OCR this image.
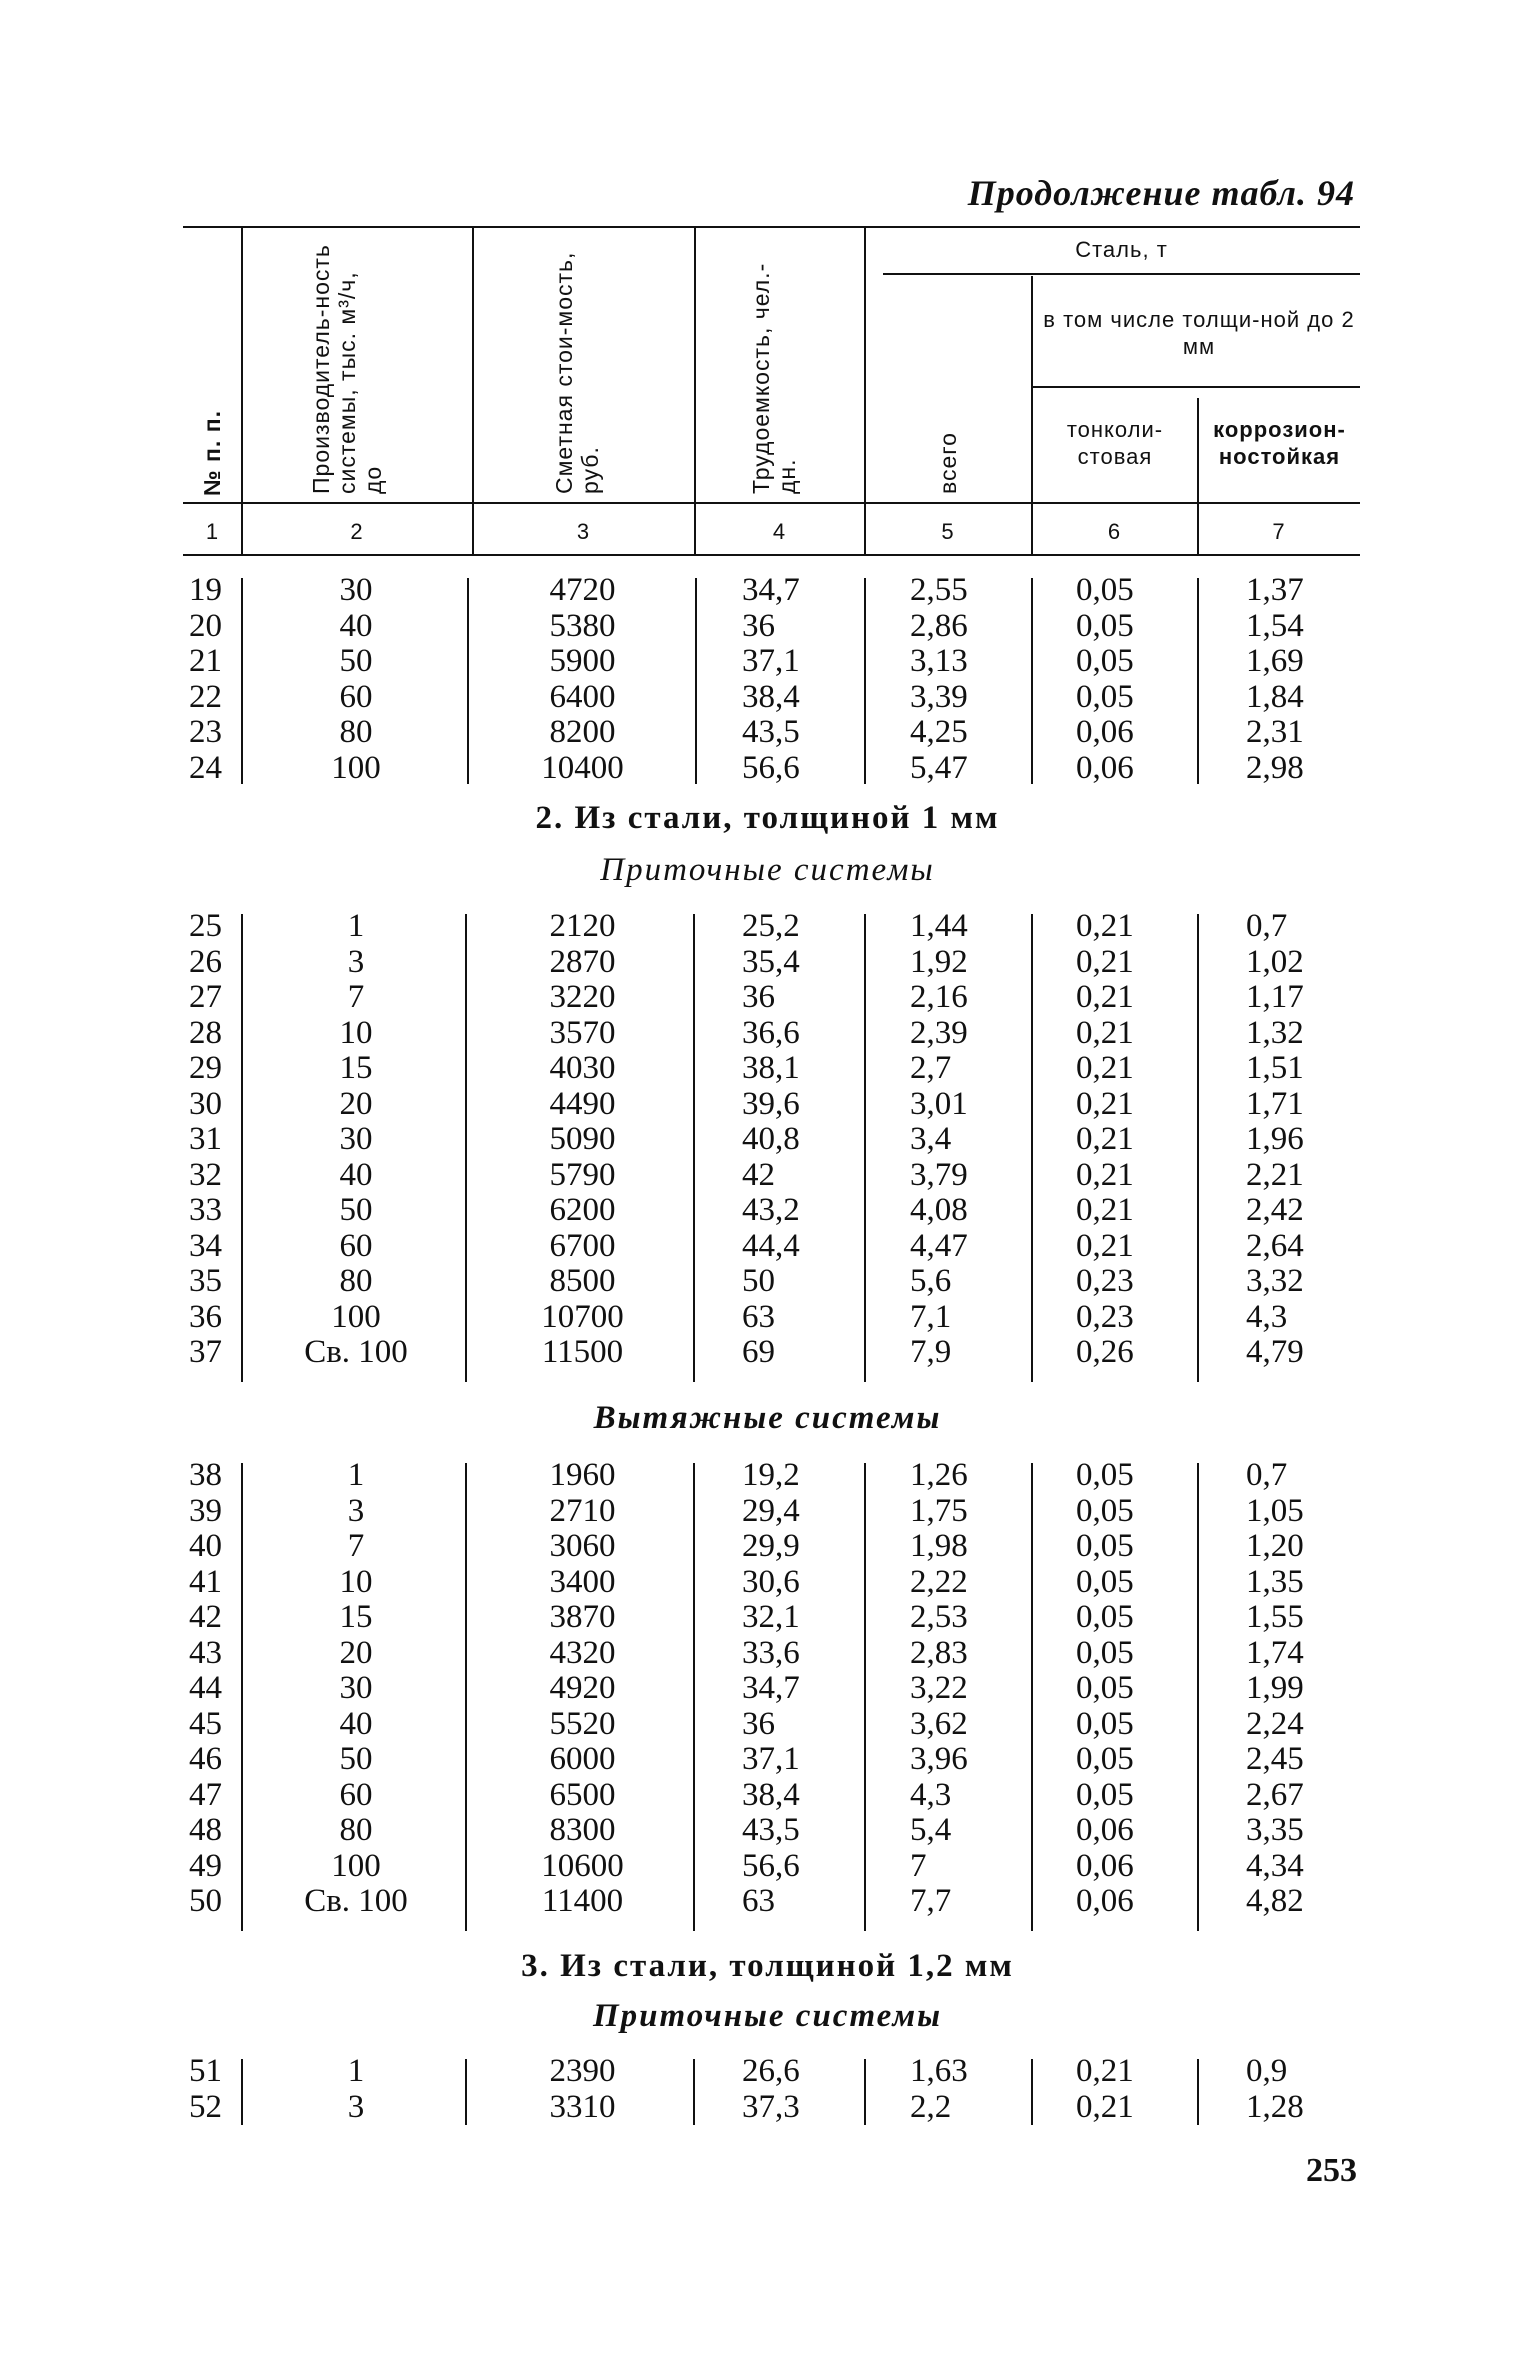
Продолжение табл. 94
№ п. п.	Производитель-ность системы, тыс. м³/ч, до	Сметная стои-мость, руб.	Трудоемкость, чел.-дн.	всего
Сталь, т
в том числе толщи-ной до 2 мм
тонколи-стовая
коррозион-ностойкая
1	2	3	4	5	6	7
19	30	4720	34,7	2,55	0,05	1,37
20	40	5380	36	2,86	0,05	1,54
21	50	5900	37,1	3,13	0,05	1,69
22	60	6400	38,4	3,39	0,05	1,84
23	80	8200	43,5	4,25	0,06	2,31
24	100	10400	56,6	5,47	0,06	2,98
2. Из стали, толщиной 1 мм
Приточные системы
25	1	2120	25,2	1,44	0,21	0,7
26	3	2870	35,4	1,92	0,21	1,02
27	7	3220	36	2,16	0,21	1,17
28	10	3570	36,6	2,39	0,21	1,32
29	15	4030	38,1	2,7	0,21	1,51
30	20	4490	39,6	3,01	0,21	1,71
31	30	5090	40,8	3,4	0,21	1,96
32	40	5790	42	3,79	0,21	2,21
33	50	6200	43,2	4,08	0,21	2,42
34	60	6700	44,4	4,47	0,21	2,64
35	80	8500	50	5,6	0,23	3,32
36	100	10700	63	7,1	0,23	4,3
37	Св. 100	11500	69	7,9	0,26	4,79
Вытяжные системы
38	1	1960	19,2	1,26	0,05	0,7
39	3	2710	29,4	1,75	0,05	1,05
40	7	3060	29,9	1,98	0,05	1,20
41	10	3400	30,6	2,22	0,05	1,35
42	15	3870	32,1	2,53	0,05	1,55
43	20	4320	33,6	2,83	0,05	1,74
44	30	4920	34,7	3,22	0,05	1,99
45	40	5520	36	3,62	0,05	2,24
46	50	6000	37,1	3,96	0,05	2,45
47	60	6500	38,4	4,3	0,05	2,67
48	80	8300	43,5	5,4	0,06	3,35
49	100	10600	56,6	7	0,06	4,34
50	Св. 100	11400	63	7,7	0,06	4,82
3. Из стали, толщиной 1,2 мм
Приточные системы
51	1	2390	26,6	1,63	0,21	0,9
52	3	3310	37,3	2,2	0,21	1,28
253
